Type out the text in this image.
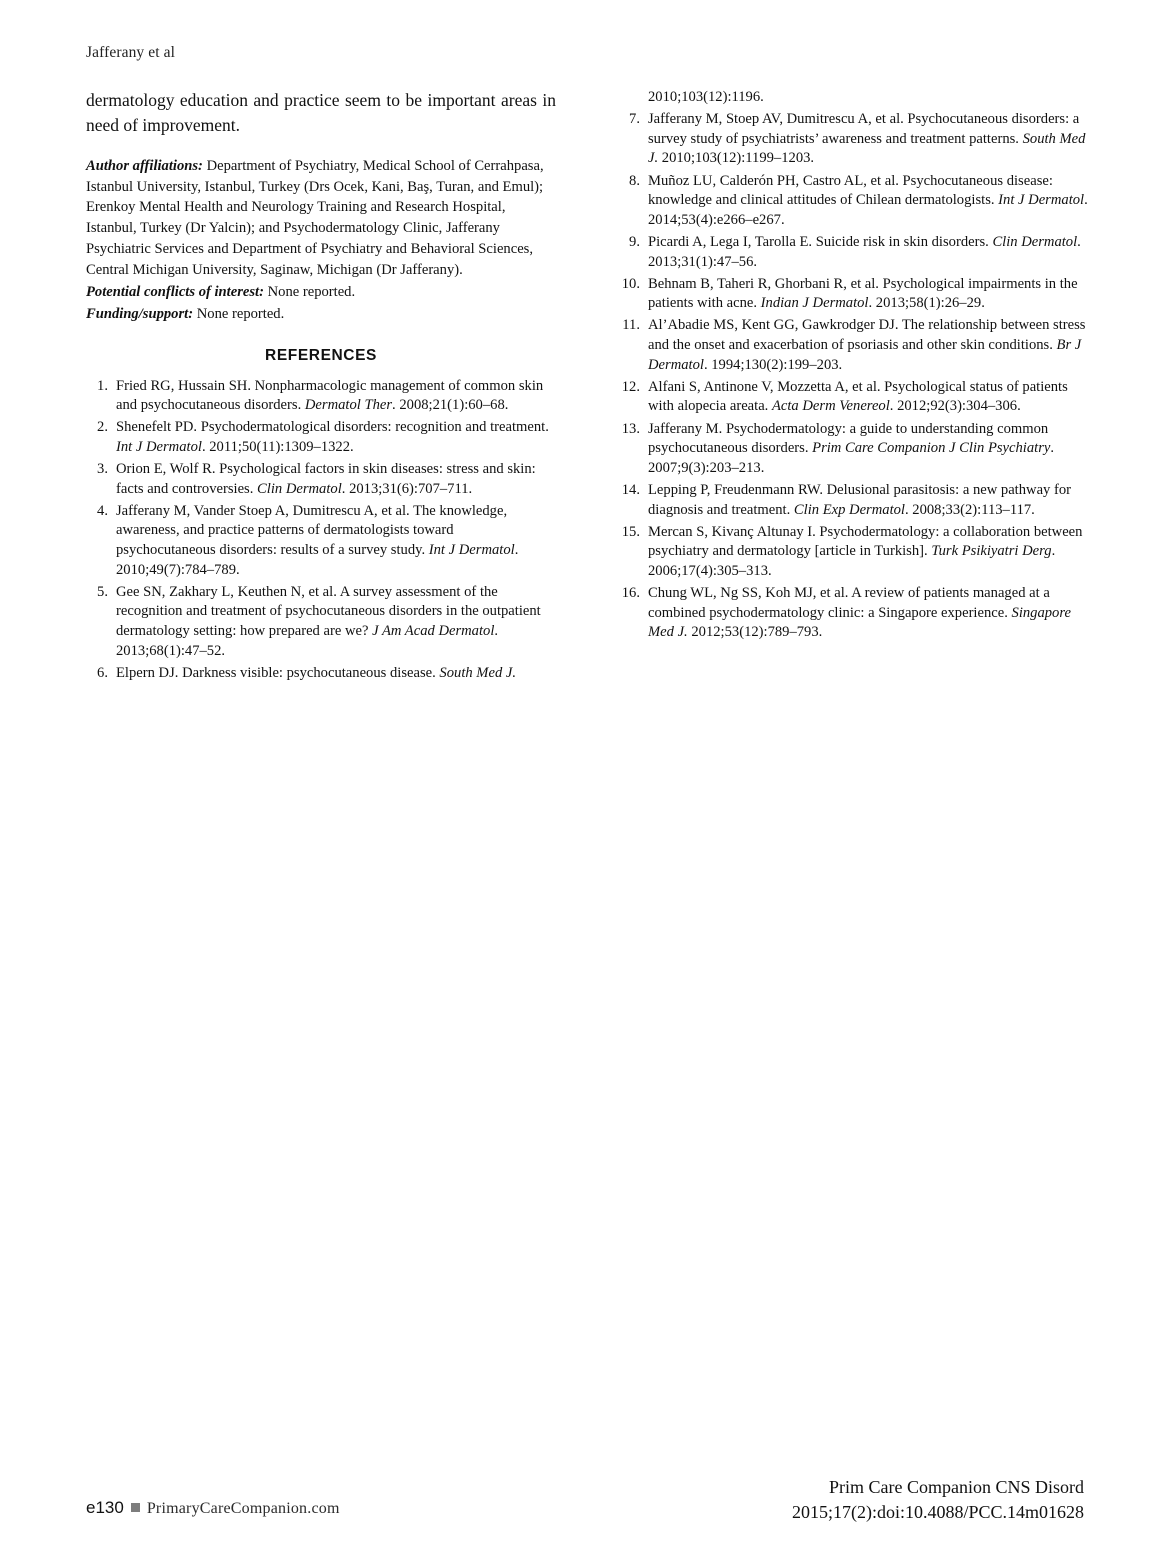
Jafferany et al

dermatology education and practice seem to be important areas in need of improvement.

Author affiliations: Department of Psychiatry, Medical School of Cerrahpasa, Istanbul University, Istanbul, Turkey (Drs Ocek, Kani, Baş, Turan, and Emul); Erenkoy Mental Health and Neurology Training and Research Hospital, Istanbul, Turkey (Dr Yalcin); and Psychodermatology Clinic, Jafferany Psychiatric Services and Department of Psychiatry and Behavioral Sciences, Central Michigan University, Saginaw, Michigan (Dr Jafferany).

Potential conflicts of interest: None reported.

Funding/support: None reported.

REFERENCES
Fried RG, Hussain SH. Nonpharmacologic management of common skin and psychocutaneous disorders. Dermatol Ther. 2008;21(1):60–68.
Shenefelt PD. Psychodermatological disorders: recognition and treatment. Int J Dermatol. 2011;50(11):1309–1322.
Orion E, Wolf R. Psychological factors in skin diseases: stress and skin: facts and controversies. Clin Dermatol. 2013;31(6):707–711.
Jafferany M, Vander Stoep A, Dumitrescu A, et al. The knowledge, awareness, and practice patterns of dermatologists toward psychocutaneous disorders: results of a survey study. Int J Dermatol. 2010;49(7):784–789.
Gee SN, Zakhary L, Keuthen N, et al. A survey assessment of the recognition and treatment of psychocutaneous disorders in the outpatient dermatology setting: how prepared are we? J Am Acad Dermatol. 2013;68(1):47–52.
Elpern DJ. Darkness visible: psychocutaneous disease. South Med J.
2010;103(12):1196.
Jafferany M, Stoep AV, Dumitrescu A, et al. Psychocutaneous disorders: a survey study of psychiatrists’ awareness and treatment patterns. South Med J. 2010;103(12):1199–1203.
Muñoz LU, Calderón PH, Castro AL, et al. Psychocutaneous disease: knowledge and clinical attitudes of Chilean dermatologists. Int J Dermatol. 2014;53(4):e266–e267.
Picardi A, Lega I, Tarolla E. Suicide risk in skin disorders. Clin Dermatol. 2013;31(1):47–56.
Behnam B, Taheri R, Ghorbani R, et al. Psychological impairments in the patients with acne. Indian J Dermatol. 2013;58(1):26–29.
Al’Abadie MS, Kent GG, Gawkrodger DJ. The relationship between stress and the onset and exacerbation of psoriasis and other skin conditions. Br J Dermatol. 1994;130(2):199–203.
Alfani S, Antinone V, Mozzetta A, et al. Psychological status of patients with alopecia areata. Acta Derm Venereol. 2012;92(3):304–306.
Jafferany M. Psychodermatology: a guide to understanding common psychocutaneous disorders. Prim Care Companion J Clin Psychiatry. 2007;9(3):203–213.
Lepping P, Freudenmann RW. Delusional parasitosis: a new pathway for diagnosis and treatment. Clin Exp Dermatol. 2008;33(2):113–117.
Mercan S, Kivanç Altunay I. Psychodermatology: a collaboration between psychiatry and dermatology [article in Turkish]. Turk Psikiyatri Derg. 2006;17(4):305–313.
Chung WL, Ng SS, Koh MJ, et al. A review of patients managed at a combined psychodermatology clinic: a Singapore experience. Singapore Med J. 2012;53(12):789–793.
e130 PrimaryCareCompanion.com
Prim Care Companion CNS Disord
2015;17(2):doi:10.4088/PCC.14m01628
